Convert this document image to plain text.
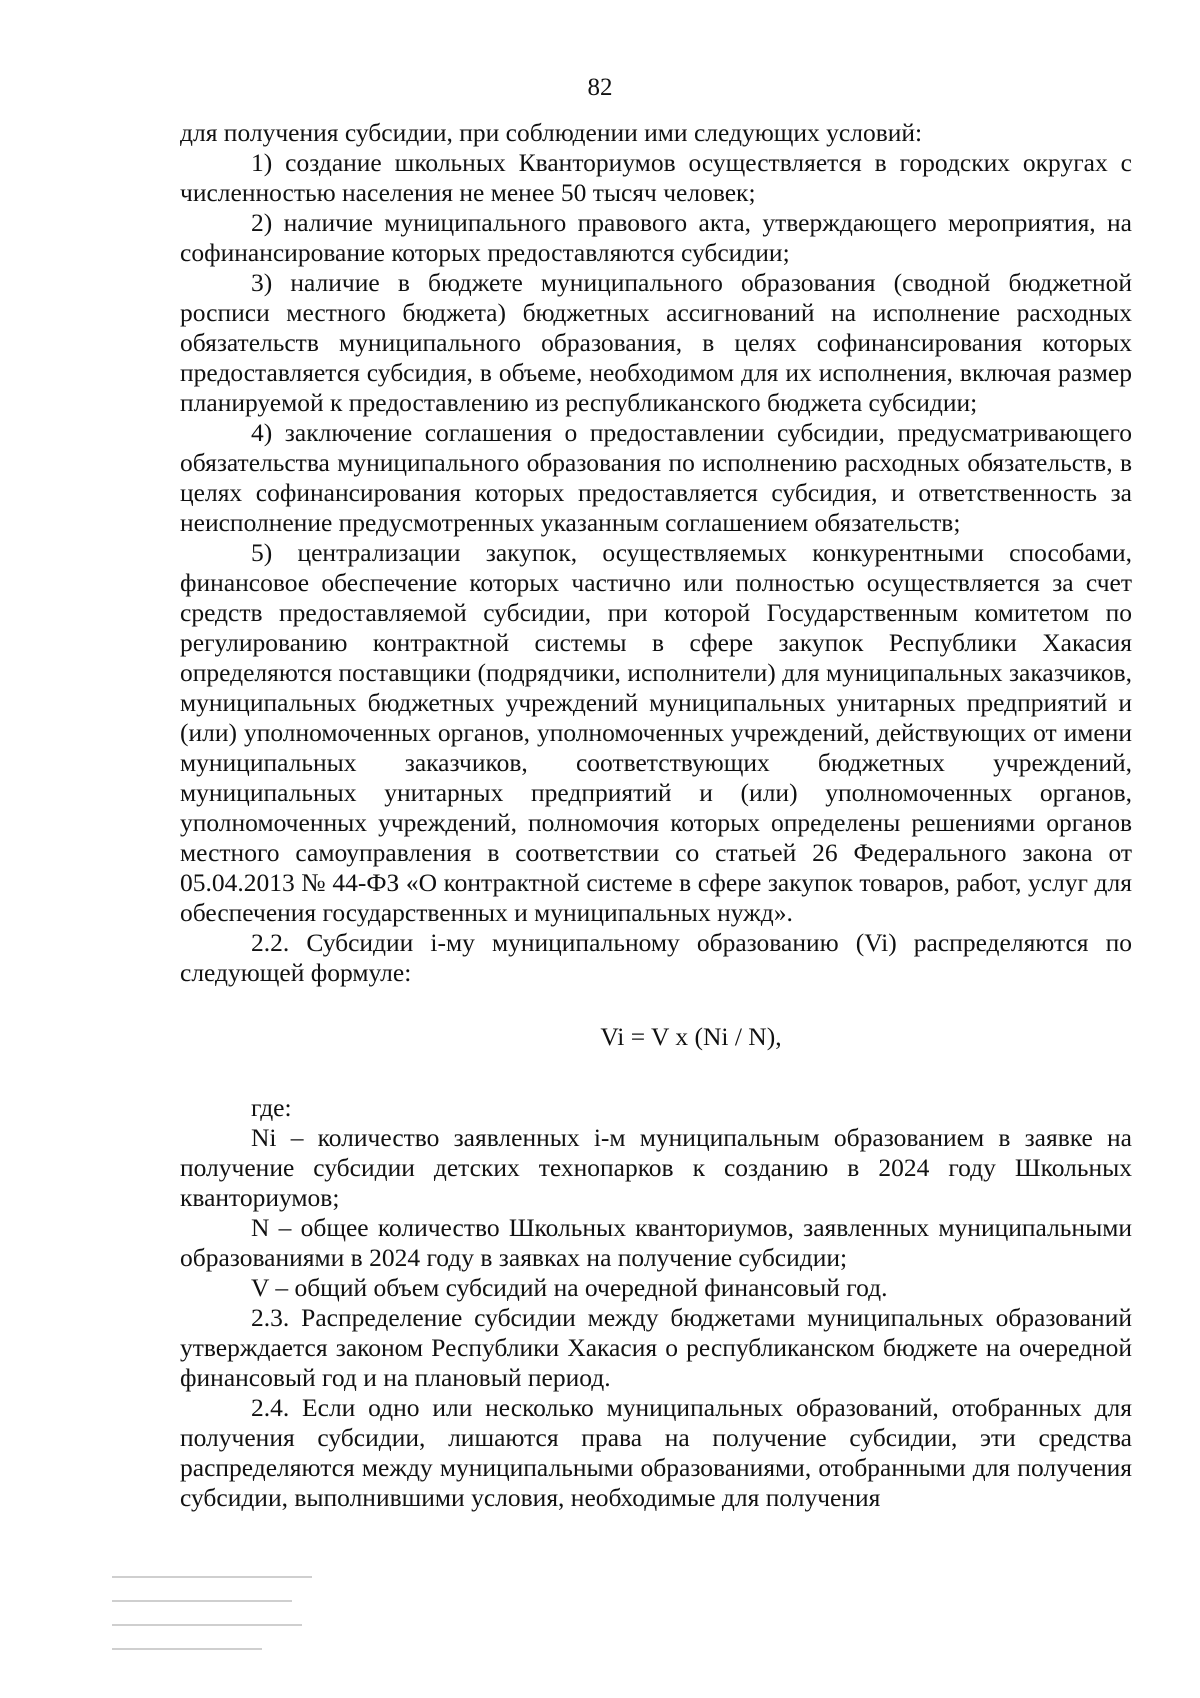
82

для получения субсидии, при соблюдении ими следующих условий:

1) создание школьных Кванториумов осуществляется в городских округах с численностью населения не менее 50 тысяч человек;

2) наличие муниципального правового акта, утверждающего мероприятия, на софинансирование которых предоставляются субсидии;

3) наличие в бюджете муниципального образования (сводной бюджетной росписи местного бюджета) бюджетных ассигнований на исполнение расходных обязательств муниципального образования, в целях софинансирования которых предоставляется субсидия, в объеме, необходимом для их исполнения, включая размер планируемой к предоставлению из республиканского бюджета субсидии;

4) заключение соглашения о предоставлении субсидии, предусматривающего обязательства муниципального образования по исполнению расходных обязательств, в целях софинансирования которых предоставляется субсидия, и ответственность за неисполнение предусмотренных указанным соглашением обязательств;

5) централизации закупок, осуществляемых конкурентными способами, финансовое обеспечение которых частично или полностью осуществляется за счет средств предоставляемой субсидии, при которой Государственным комитетом по регулированию контрактной системы в сфере закупок Республики Хакасия определяются поставщики (подрядчики, исполнители) для муниципальных заказчиков, муниципальных бюджетных учреждений муниципальных унитарных предприятий и (или) уполномоченных органов, уполномоченных учреждений, действующих от имени муниципальных заказчиков, соответствующих бюджетных учреждений, муниципальных унитарных предприятий и (или) уполномоченных органов, уполномоченных учреждений, полномочия которых определены решениями органов местного самоуправления в соответствии со статьей 26 Федерального закона от 05.04.2013 № 44-ФЗ «О контрактной системе в сфере закупок товаров, работ, услуг для обеспечения государственных и муниципальных нужд».

2.2. Субсидии i-му муниципальному образованию (Vi) распределяются по следующей формуле:

Vi = V x (Ni / N),

где:

Ni – количество заявленных i-м муниципальным образованием в заявке на получение субсидии детских технопарков к созданию в 2024 году Школьных кванториумов;

N – общее количество Школьных кванториумов, заявленных муниципальными образованиями в 2024 году в заявках на получение субсидии;

V – общий объем субсидий на очередной финансовый год.

2.3. Распределение субсидии между бюджетами муниципальных образований утверждается законом Республики Хакасия о республиканском бюджете на очередной финансовый год и на плановый период.

2.4. Если одно или несколько муниципальных образований, отобранных для получения субсидии, лишаются права на получение субсидии, эти средства распределяются между муниципальными образованиями, отобранными для получения субсидии, выполнившими условия, необходимые для получения
